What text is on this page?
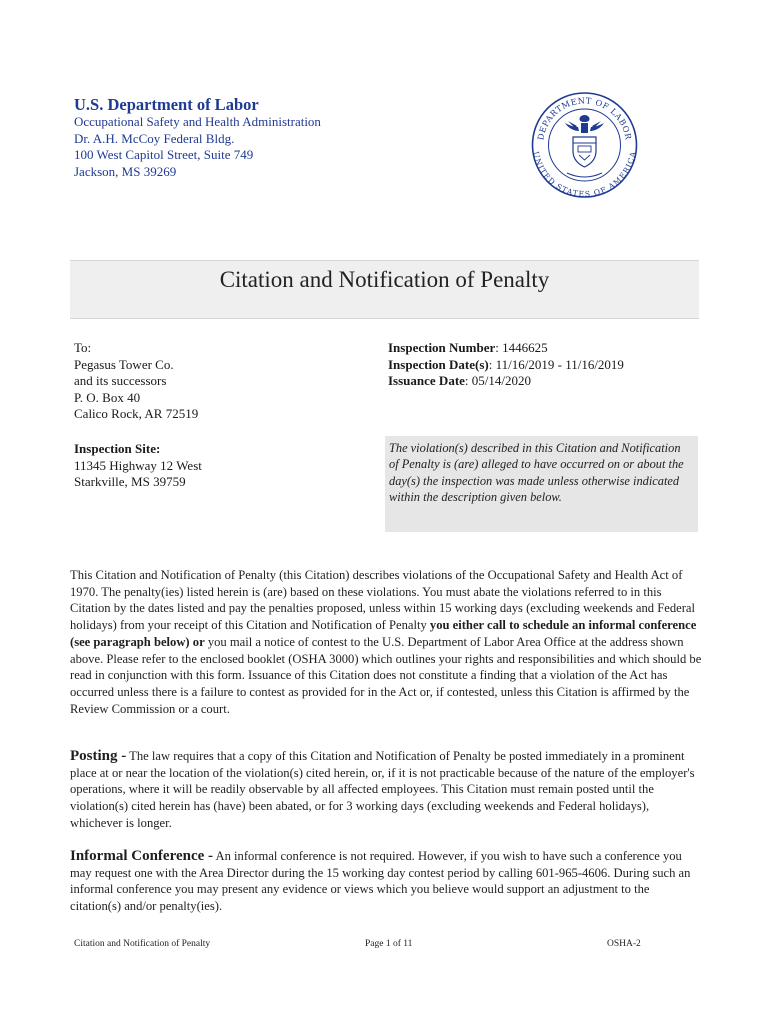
U.S. Department of Labor
Occupational Safety and Health Administration
Dr. A.H. McCoy Federal Bldg.
100 West Capitol Street, Suite 749
Jackson, MS 39269
DEPARTMENT OF LABOR
UNITED STATES OF AMERICA
Citation and Notification of Penalty
To:
Pegasus Tower Co.
and its successors
P. O. Box 40
Calico Rock, AR 72519
Inspection Site:
11345 Highway 12 West
Starkville, MS 39759
Inspection Number: 1446625
Inspection Date(s): 11/16/2019 - 11/16/2019
Issuance Date: 05/14/2020

The violation(s) described in this Citation and Notification of Penalty is (are) alleged to have occurred on or about the day(s) the inspection was made unless otherwise indicated within the description given below.

This Citation and Notification of Penalty (this Citation) describes violations of the Occupational Safety and Health Act of 1970. The penalty(ies) listed herein is (are) based on these violations. You must abate the violations referred to in this Citation by the dates listed and pay the penalties proposed, unless within 15 working days (excluding weekends and Federal holidays) from your receipt of this Citation and Notification of Penalty you either call to schedule an informal conference (see paragraph below) or you mail a notice of contest to the U.S. Department of Labor Area Office at the address shown above. Please refer to the enclosed booklet (OSHA 3000) which outlines your rights and responsibilities and which should be read in conjunction with this form. Issuance of this Citation does not constitute a finding that a violation of the Act has occurred unless there is a failure to contest as provided for in the Act or, if contested, unless this Citation is affirmed by the Review Commission or a court.

Posting - The law requires that a copy of this Citation and Notification of Penalty be posted immediately in a prominent place at or near the location of the violation(s) cited herein, or, if it is not practicable because of the nature of the employer's operations, where it will be readily observable by all affected employees. This Citation must remain posted until the violation(s) cited herein has (have) been abated, or for 3 working days (excluding weekends and Federal holidays), whichever is longer.

Informal Conference - An informal conference is not required. However, if you wish to have such a conference you may request one with the Area Director during the 15 working day contest period by calling 601-965-4606. During such an informal conference you may present any evidence or views which you believe would support an adjustment to the citation(s) and/or penalty(ies).

Citation and Notification of Penalty	Page 1 of 11	OSHA-2
